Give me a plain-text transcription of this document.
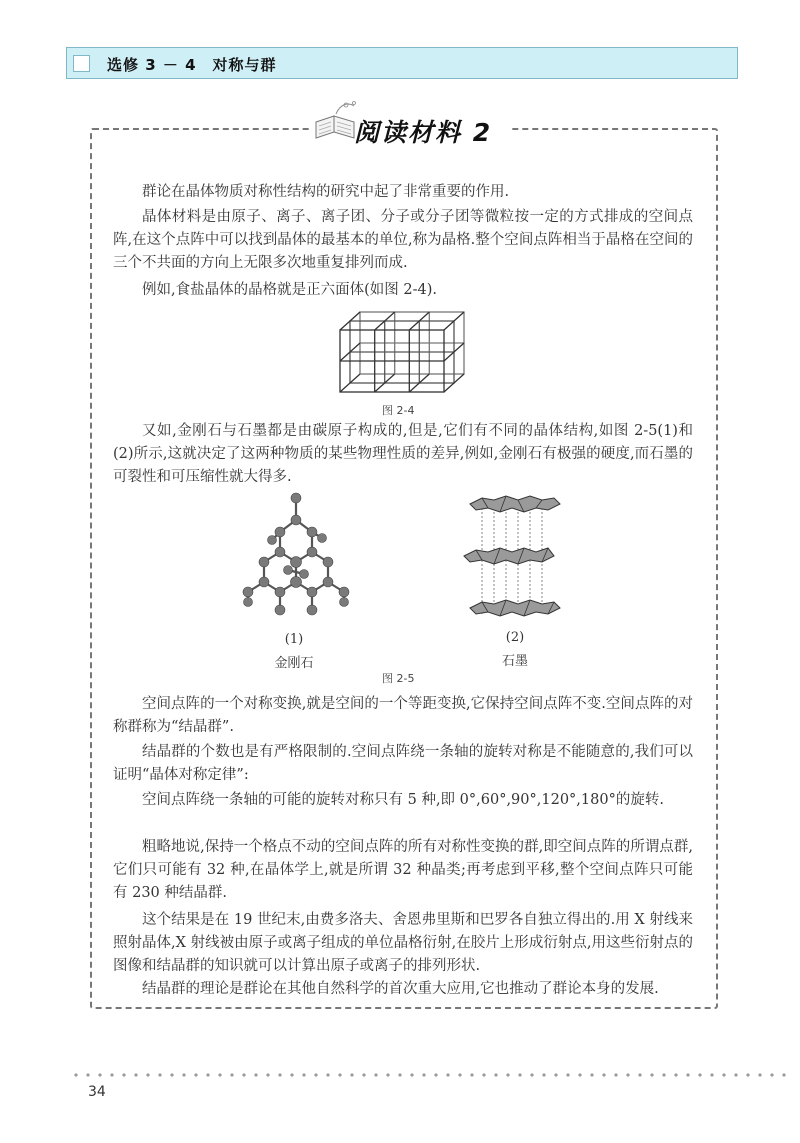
选修 3 － 4　对称与群
阅读材料 2

群论在晶体物质对称性结构的研究中起了非常重要的作用.

晶体材料是由原子、离子、离子团、分子或分子团等微粒按一定的方式排成的空间点阵,在这个点阵中可以找到晶体的最基本的单位,称为晶格.整个空间点阵相当于晶格在空间的三个不共面的方向上无限多次地重复排列而成.

例如,食盐晶体的晶格就是正六面体(如图 2-4).

图 2-4

又如,金刚石与石墨都是由碳原子构成的,但是,它们有不同的晶体结构,如图 2-5(1)和(2)所示,这就决定了这两种物质的某些物理性质的差异,例如,金刚石有极强的硬度,而石墨的可裂性和可压缩性就大得多.

(1)
金刚石
(2)
石墨
图 2-5

空间点阵的一个对称变换,就是空间的一个等距变换,它保持空间点阵不变.空间点阵的对称群称为“结晶群”.

结晶群的个数也是有严格限制的.空间点阵绕一条轴的旋转对称是不能随意的,我们可以证明“晶体对称定律”:

空间点阵绕一条轴的可能的旋转对称只有 5 种,即 0°,60°,90°,120°,180°的旋转.

粗略地说,保持一个格点不动的空间点阵的所有对称性变换的群,即空间点阵的所谓点群,它们只可能有 32 种,在晶体学上,就是所谓 32 种晶类;再考虑到平移,整个空间点阵只可能有 230 种结晶群.

这个结果是在 19 世纪末,由费多洛夫、舍恩弗里斯和巴罗各自独立得出的.用 X 射线来照射晶体,X 射线被由原子或离子组成的单位晶格衍射,在胶片上形成衍射点,用这些衍射点的图像和结晶群的知识就可以计算出原子或离子的排列形状.

结晶群的理论是群论在其他自然科学的首次重大应用,它也推动了群论本身的发展.

34
